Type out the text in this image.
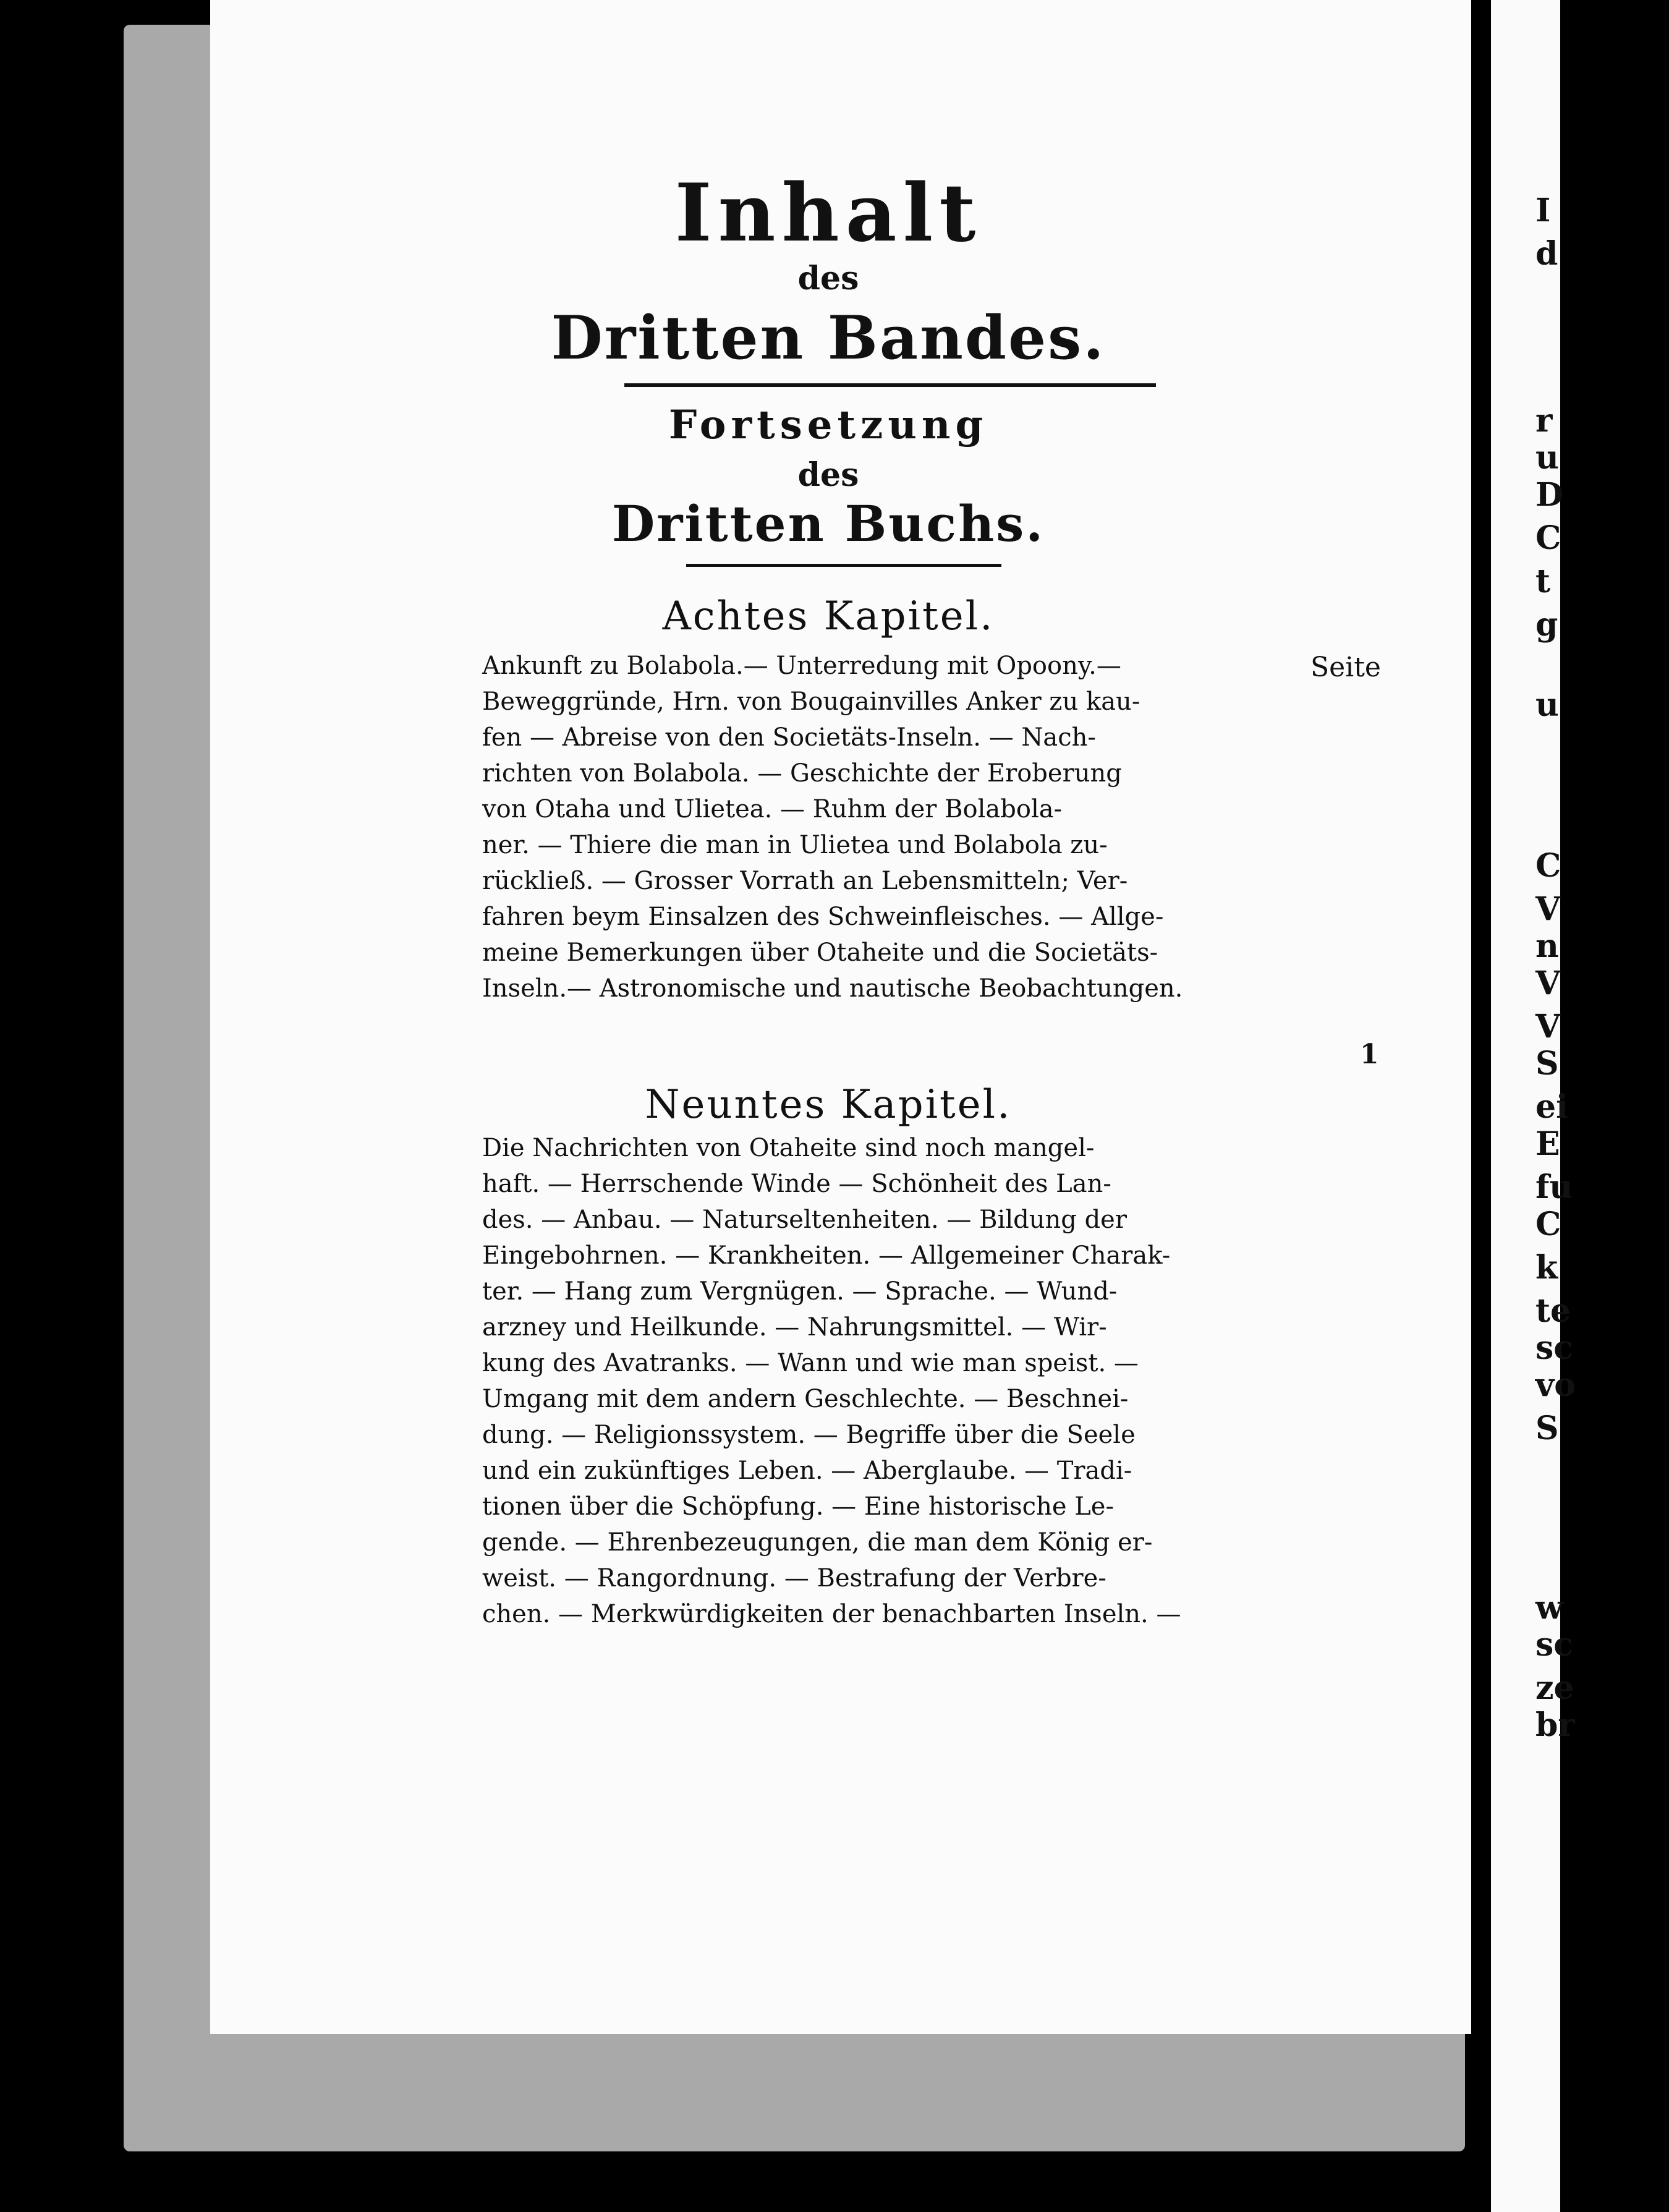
I
d
r
u
D
C
t
g
u
C
V
n
V
V
S
ei
E
fu
C
k
te
sc
vo
S
w
sc
ze
br
Inhalt
des
Dritten Bandes.
Fortsetzung
des
Dritten Buchs.
Achtes Kapitel.
Seite

Ankunft zu Bolabola.— Unterredung mit Opoony.—

Beweggründe, Hrn. von Bougainvilles Anker zu kau-

fen — Abreise von den Societäts-Inseln. — Nach-

richten von Bolabola. — Geschichte der Eroberung

von Otaha und Ulietea. — Ruhm der Bolabola-

ner. — Thiere die man in Ulietea und Bolabola zu-

rückließ. — Grosser Vorrath an Lebensmitteln; Ver-

fahren beym Einsalzen des Schweinfleisches. — Allge-

meine Bemerkungen über Otaheite und die Societäts-

Inseln.— Astronomische und nautische Beobachtungen.

1
Neuntes Kapitel.

Die Nachrichten von Otaheite sind noch mangel-

haft. — Herrschende Winde — Schönheit des Lan-

des. — Anbau. — Naturseltenheiten. — Bildung der

Eingebohrnen. — Krankheiten. — Allgemeiner Charak-

ter. — Hang zum Vergnügen. — Sprache. — Wund-

arzney und Heilkunde. — Nahrungsmittel. — Wir-

kung des Avatranks. — Wann und wie man speist. —

Umgang mit dem andern Geschlechte. — Beschnei-

dung. — Religionssystem. — Begriffe über die Seele

und ein zukünftiges Leben. — Aberglaube. — Tradi-

tionen über die Schöpfung. — Eine historische Le-

gende. — Ehrenbezeugungen, die man dem König er-

weist. — Rangordnung. — Bestrafung der Verbre-

chen. — Merkwürdigkeiten der benachbarten Inseln. —
